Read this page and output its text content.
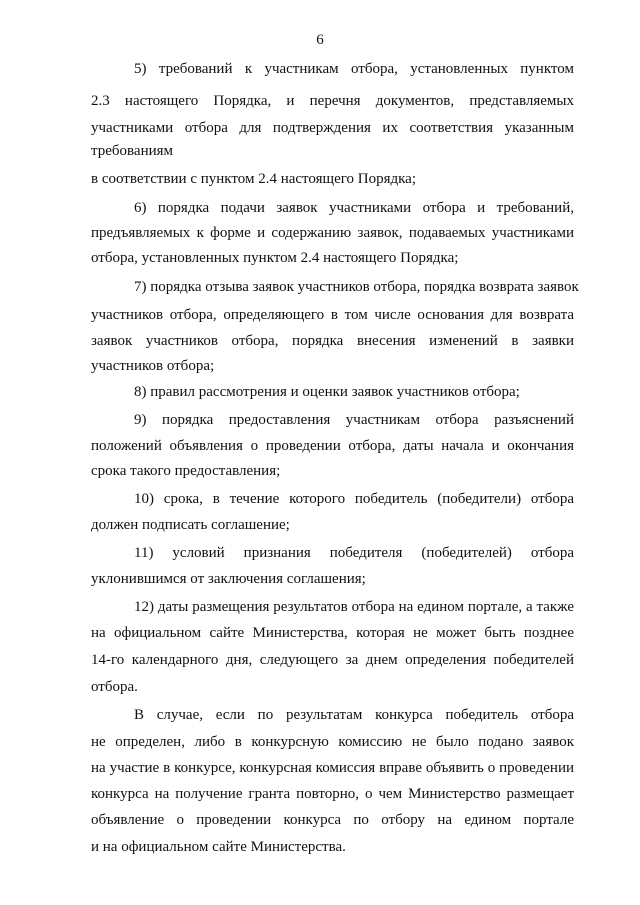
6
5) требований к участникам отбора, установленных пунктом
2.3 настоящего Порядка, и перечня документов, представляемых
участниками отбора для подтверждения их соответствия указанным
требованиям
в соответствии с пунктом 2.4 настоящего Порядка;
6) порядка подачи заявок участниками отбора и требований,
предъявляемых к форме и содержанию заявок, подаваемых участниками
отбора, установленных пунктом 2.4 настоящего Порядка;
7) порядка отзыва заявок участников отбора, порядка возврата заявок
участников отбора, определяющего в том числе основания для возврата
заявок участников отбора, порядка внесения изменений в заявки
участников отбора;
8) правил рассмотрения и оценки заявок участников отбора;
9) порядка предоставления участникам отбора разъяснений
положений объявления о проведении отбора, даты начала и окончания
срока такого предоставления;
10) срока, в течение которого победитель (победители) отбора
должен подписать соглашение;
11) условий признания победителя (победителей) отбора
уклонившимся от заключения соглашения;
12) даты размещения результатов отбора на едином портале, а также
на официальном сайте Министерства, которая не может быть позднее
14-го календарного дня, следующего за днем определения победителей
отбора.
В случае, если по результатам конкурса победитель отбора
не определен, либо в конкурсную комиссию не было подано заявок
на участие в конкурсе, конкурсная комиссия вправе объявить о проведении
конкурса на получение гранта повторно, о чем Министерство размещает
объявление о проведении конкурса по отбору на едином портале
и на официальном сайте Министерства.
